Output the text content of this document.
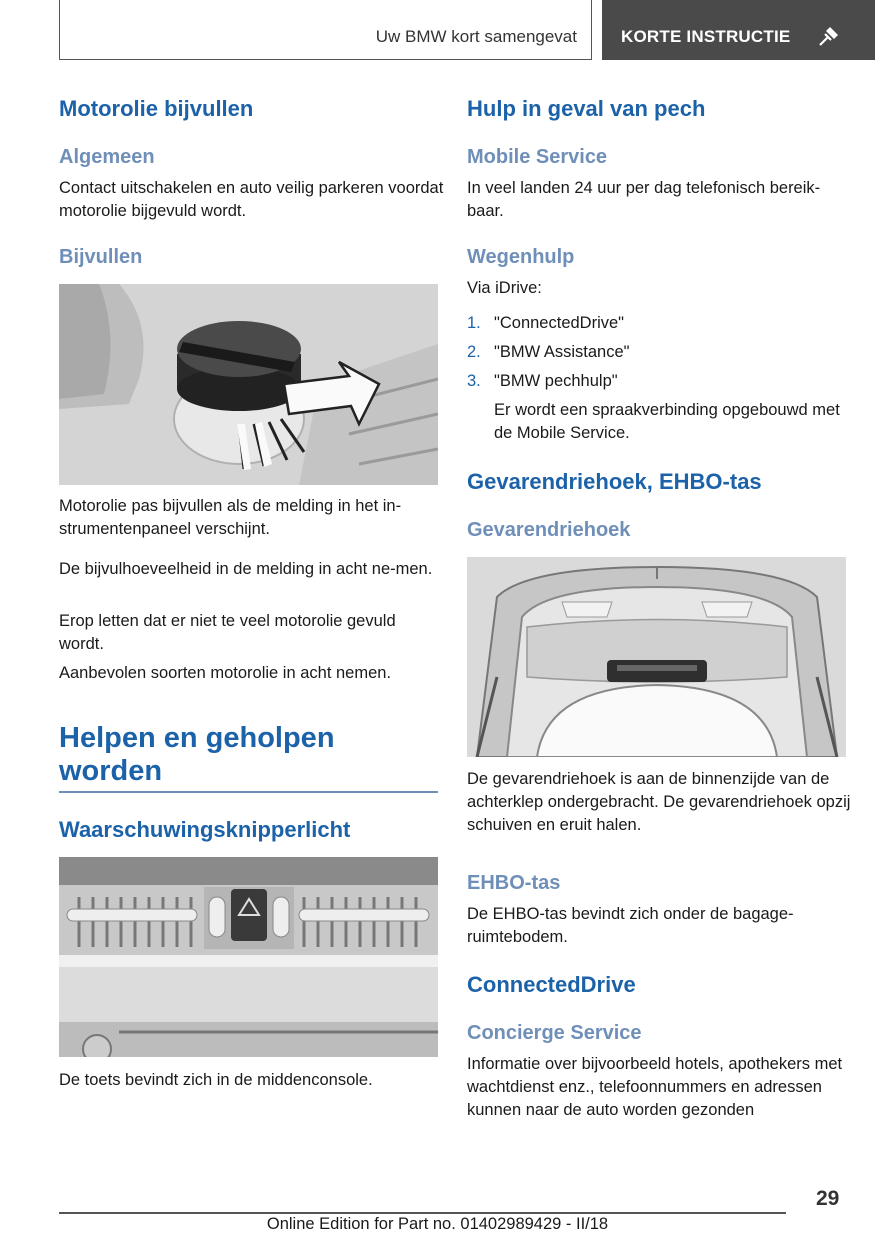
Uw BMW kort samengevat	KORTE INSTRUCTIE
Motorolie bijvullen
Algemeen
Contact uitschakelen en auto veilig parkeren voordat motorolie bijgevuld wordt.
Bijvullen
Motorolie pas bijvullen als de melding in het in-strumentenpaneel verschijnt.
De bijvulhoeveelheid in de melding in acht ne-men.
Erop letten dat er niet te veel motorolie gevuld wordt.
Aanbevolen soorten motorolie in acht nemen.
Helpen en geholpen worden
Waarschuwingsknipperlicht
De toets bevindt zich in de middenconsole.
Hulp in geval van pech
Mobile Service
In veel landen 24 uur per dag telefonisch bereik-baar.
Wegenhulp
Via iDrive:
1. "ConnectedDrive"
2. "BMW Assistance"
3. "BMW pechhulp"
Er wordt een spraakverbinding opgebouwd met de Mobile Service.
Gevarendriehoek, EHBO-tas
Gevarendriehoek
De gevarendriehoek is aan de binnenzijde van de achterklep ondergebracht. De gevarendriehoek opzij schuiven en eruit halen.
EHBO-tas
De EHBO-tas bevindt zich onder de bagage-ruimtebodem.
ConnectedDrive
Concierge Service
Informatie over bijvoorbeeld hotels, apothekers met wachtdienst enz., telefoonnummers en adressen kunnen naar de auto worden gezonden
29
Online Edition for Part no. 01402989429 - II/18
